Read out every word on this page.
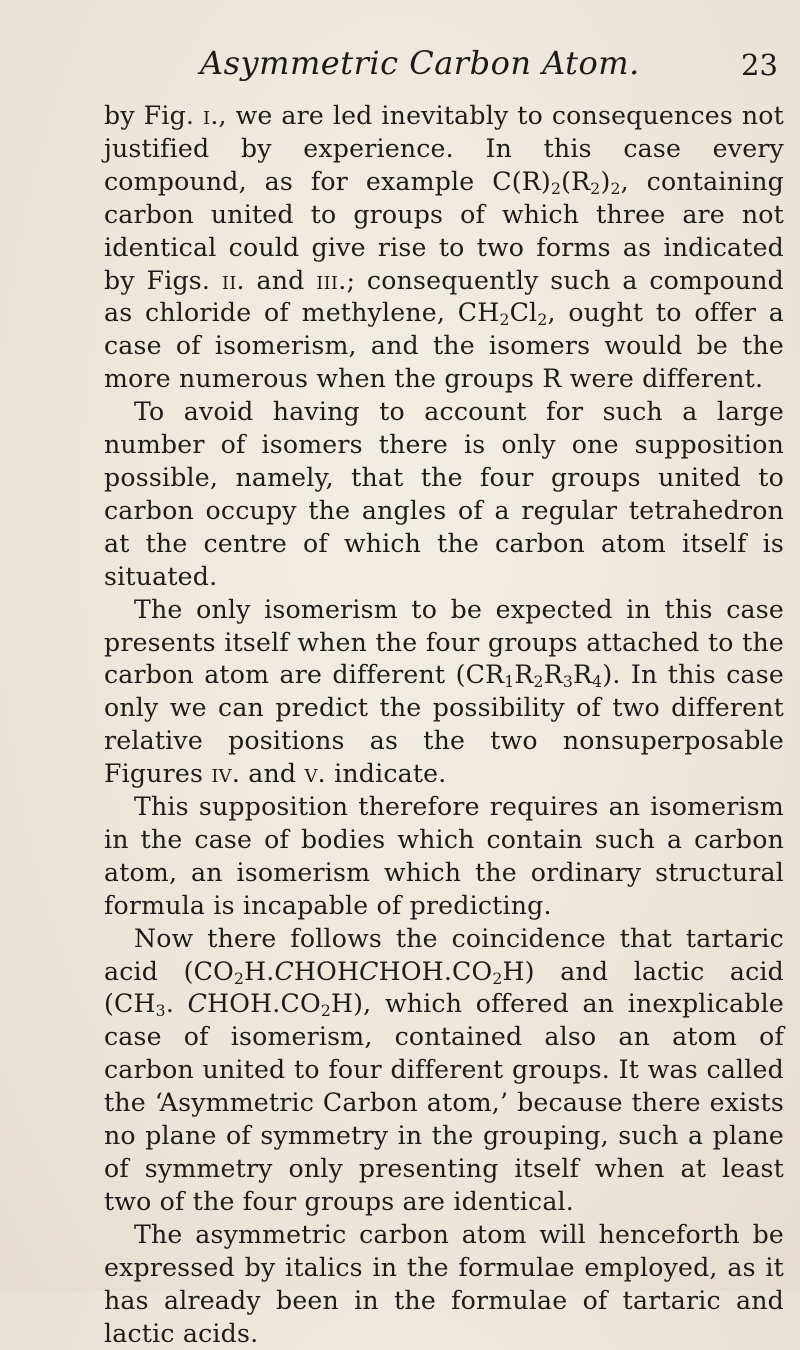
Asymmetric Carbon Atom.	23

by Fig. i., we are led inevitably to consequences not justified by experience. In this case every compound, as for example $C(R)_2(R_2)_2$, containing carbon united to groups of which three are not identical could give rise to two forms as indicated by Figs. ii. and iii.; consequently such a compound as chloride of methylene, $CH_2Cl_2$, ought to offer a case of isomerism, and the isomers would be the more numerous when the groups R were different.

To avoid having to account for such a large number of isomers there is only one supposition possible, namely, that the four groups united to carbon occupy the angles of a regular tetrahedron at the centre of which the carbon atom itself is situated.

The only isomerism to be expected in this case presents itself when the four groups attached to the carbon atom are different $(CR_1R_2R_3R_4)$. In this case only we can predict the possibility of two different relative positions as the two nonsuperposable Figures iv. and v. indicate.

This supposition therefore requires an isomerism in the case of bodies which contain such a carbon atom, an isomerism which the ordinary structural formula is incapable of predicting.

Now there follows the coincidence that tartaric acid $(CO_2H.CHOHCHOH.CO_2H)$ and lactic acid ($CH_3$. $CHOH.CO_2H$), which offered an inexplicable case of isomerism, contained also an atom of carbon united to four different groups. It was called the ‘Asymmetric Carbon atom,’ because there exists no plane of symmetry in the grouping, such a plane of symmetry only presenting itself when at least two of the four groups are identical.

The asymmetric carbon atom will henceforth be expressed by italics in the formulae employed, as it has already been in the formulae of tartaric and lactic acids.
